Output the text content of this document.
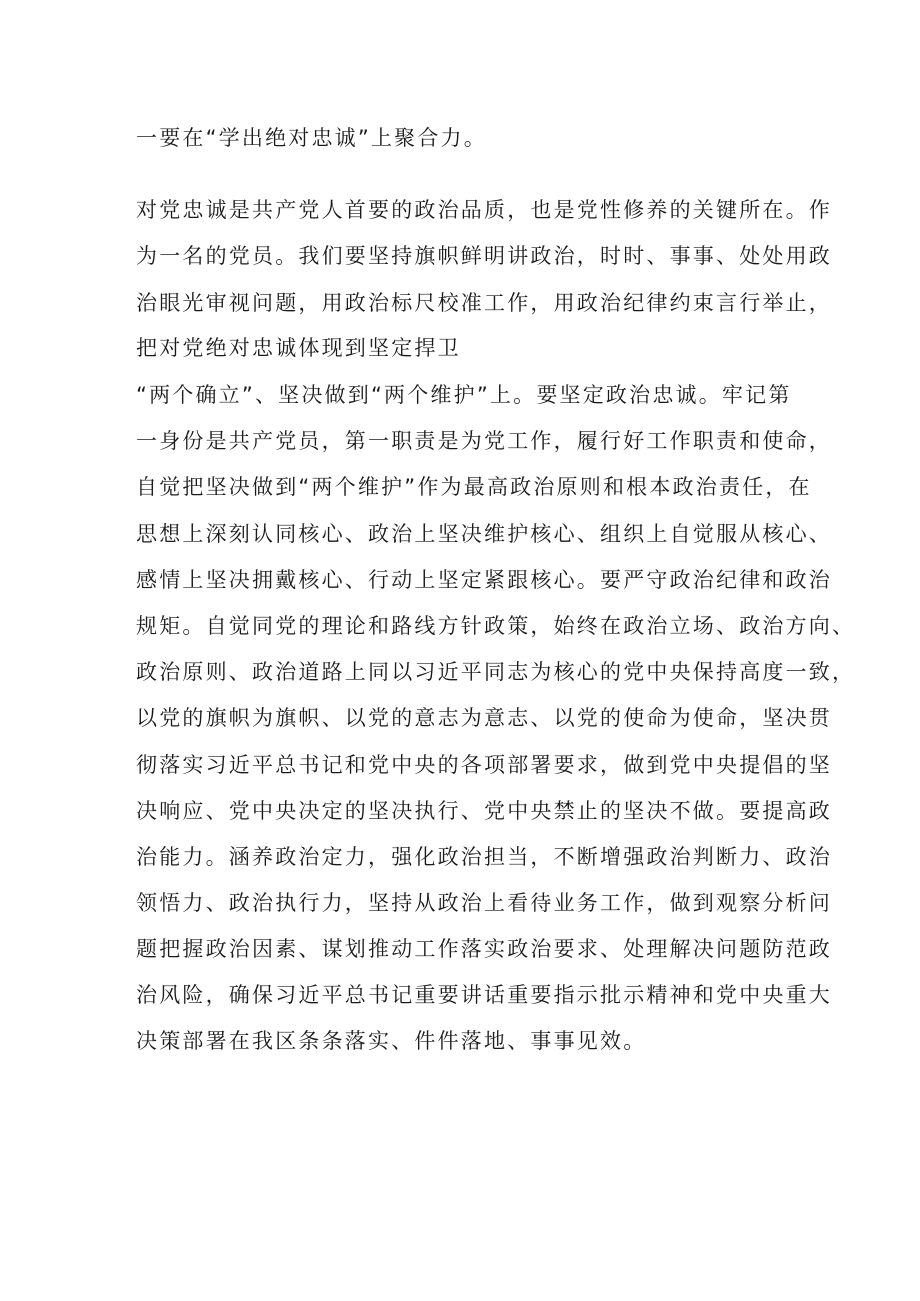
一要在“学出绝对忠诚”上聚合力。
对党忠诚是共产党人首要的政治品质，也是党性修养的关键所在。作
为一名的党员。我们要坚持旗帜鲜明讲政治，时时、事事、处处用政
治眼光审视问题，用政治标尺校准工作，用政治纪律约束言行举止，
把对党绝对忠诚体现到坚定捍卫
“两个确立”、坚决做到“两个维护”上。要坚定政治忠诚。牢记第
一身份是共产党员，第一职责是为党工作，履行好工作职责和使命，
自觉把坚决做到“两个维护”作为最高政治原则和根本政治责任，在
思想上深刻认同核心、政治上坚决维护核心、组织上自觉服从核心、
感情上坚决拥戴核心、行动上坚定紧跟核心。要严守政治纪律和政治
规矩。自觉同党的理论和路线方针政策，始终在政治立场、政治方向、
政治原则、政治道路上同以习近平同志为核心的党中央保持高度一致，
以党的旗帜为旗帜、以党的意志为意志、以党的使命为使命，坚决贯
彻落实习近平总书记和党中央的各项部署要求，做到党中央提倡的坚
决响应、党中央决定的坚决执行、党中央禁止的坚决不做。要提高政
治能力。涵养政治定力，强化政治担当，不断增强政治判断力、政治
领悟力、政治执行力，坚持从政治上看待业务工作，做到观察分析问
题把握政治因素、谋划推动工作落实政治要求、处理解决问题防范政
治风险，确保习近平总书记重要讲话重要指示批示精神和党中央重大
决策部署在我区条条落实、件件落地、事事见效。
